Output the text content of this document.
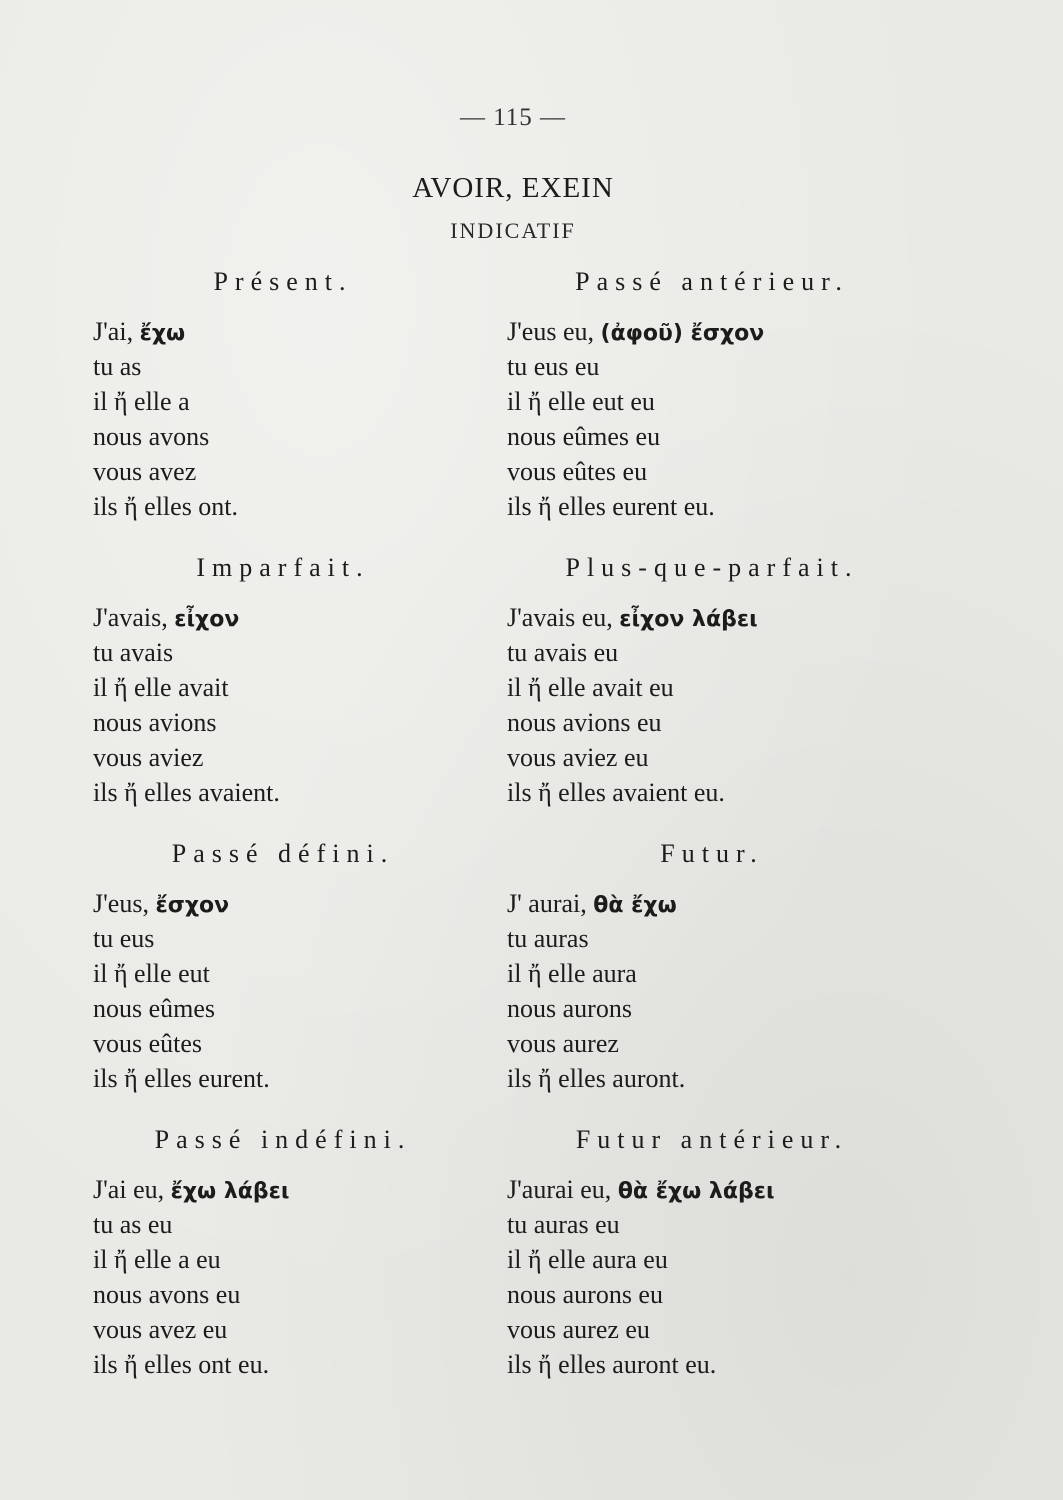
— 115 —
AVOIR, EXEIN
INDICATIF
Présent.
J'ai, ἔχω
tu as
il ἤ elle a
nous avons
vous avez
ils ἤ elles ont.
Imparfait.
J'avais, εἶχον
tu avais
il ἤ elle avait
nous avions
vous aviez
ils ἤ elles avaient.
Passé défini.
J'eus, ἔσχον
tu eus
il ἤ elle eut
nous eûmes
vous eûtes
ils ἤ elles eurent.
Passé indéfini.
J'ai eu, ἔχω λάβει
tu as eu
il ἤ elle a eu
nous avons eu
vous avez eu
ils ἤ elles ont eu.
Passé antérieur.
J'eus eu, (ἀφοῦ) ἔσχον
tu eus eu
il ἤ elle eut eu
nous eûmes eu
vous eûtes eu
ils ἤ elles eurent eu.
Plus-que-parfait.
J'avais eu, εἶχον λάβει
tu avais eu
il ἤ elle avait eu
nous avions eu
vous aviez eu
ils ἤ elles avaient eu.
Futur.
J' aurai, θὰ ἔχω
tu auras
il ἤ elle aura
nous aurons
vous aurez
ils ἤ elles auront.
Futur antérieur.
J'aurai eu, θὰ ἔχω λάβει
tu auras eu
il ἤ elle aura eu
nous aurons eu
vous aurez eu
ils ἤ elles auront eu.
